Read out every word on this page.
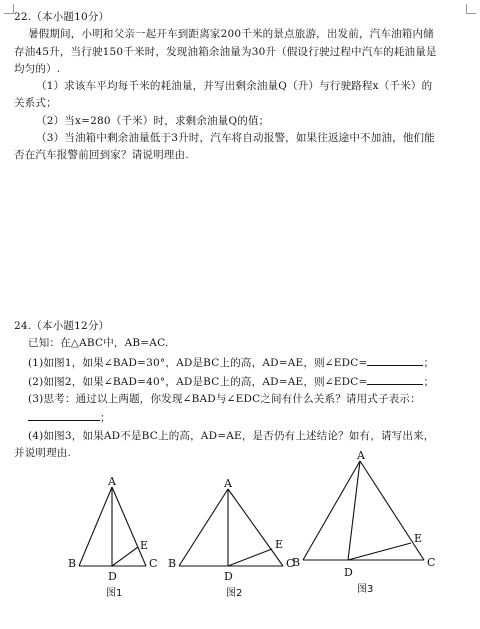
22.（本小题10分）
暑假期间，小明和父亲一起开车到距离家200千米的景点旅游，出发前，汽车油箱内储
存油45升，当行驶150千米时，发现油箱余油量为30升（假设行驶过程中汽车的耗油量是
均匀的）.
（1）求该车平均每千米的耗油量，并写出剩余油量Q（升）与行驶路程x（千米）的
关系式；
（2）当x=280（千米）时，求剩余油量Q的值；
（3）当油箱中剩余油量低于3升时，汽车将自动报警，如果往返途中不加油，他们能
否在汽车报警前回到家？请说明理由.
24.（本小题12分）
已知：在△ABC中，AB=AC.
(1)如图1，如果∠BAD=30°，AD是BC上的高，AD=AE，则∠EDC=	；
(2)如图2，如果∠BAD=40°，AD是BC上的高，AD=AE，则∠EDC=	；
(3)思考：通过以上两题，你发现∠BAD与∠EDC之间有什么关系？请用式子表示：
；
(4)如图3，如果AD不是BC上的高，AD=AE，是否仍有上述结论？如有，请写出来，
并说明理由.
A
B	C
D
E
图1
A
B	C
D
E
图2
A
B	C
D
E
图3
